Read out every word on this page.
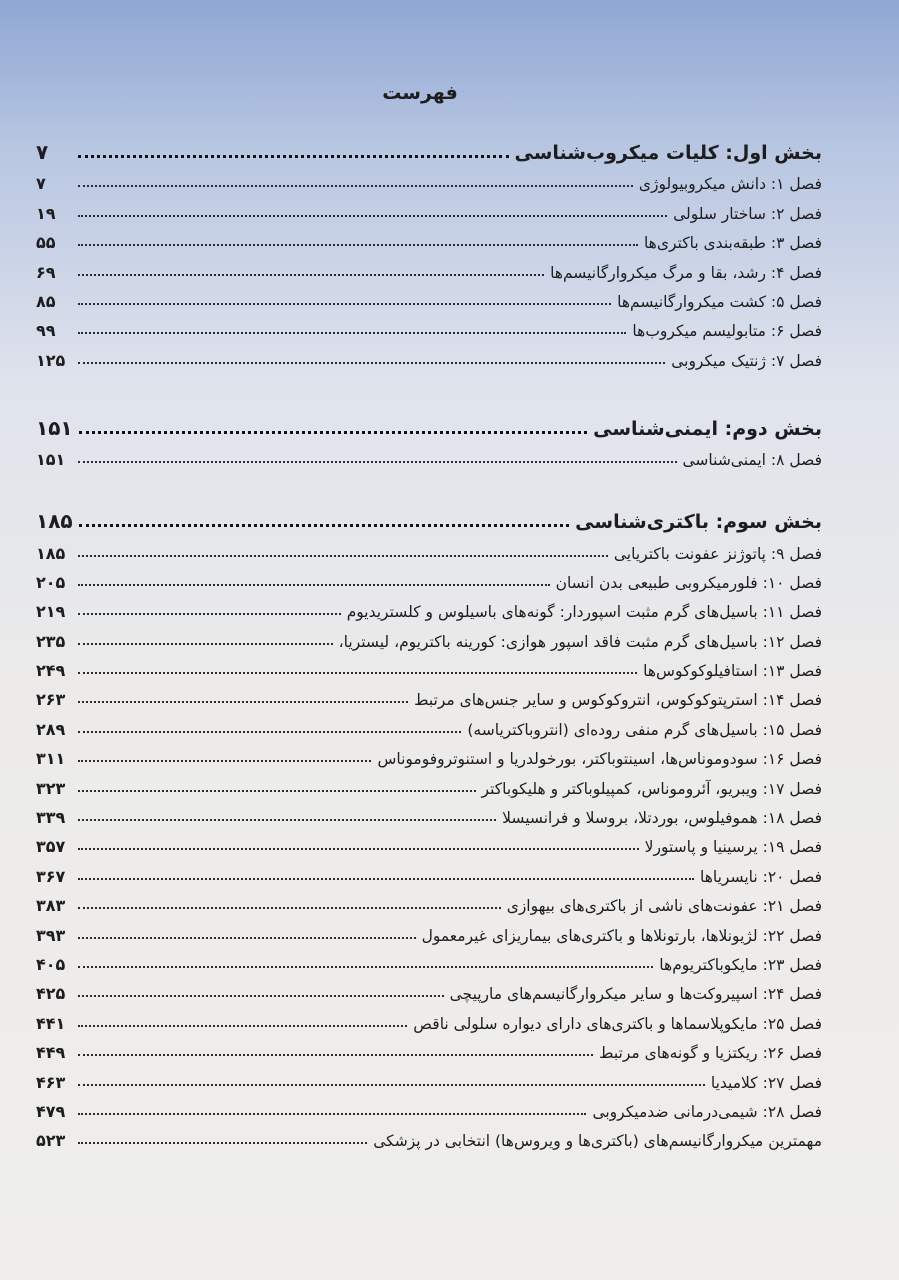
فهرست
بخش اول: کلیات میکروب‌شناسی
۷
فصل ۱: دانش میکروبیولوژی
۷
فصل ۲: ساختار سلولی
۱۹
فصل ۳: طبقه‌بندی باکتری‌ها
۵۵
فصل ۴: رشد، بقا و مرگ میکروارگانیسم‌ها
۶۹
فصل ۵: کشت میکروارگانیسم‌ها
۸۵
فصل ۶: متابولیسم میکروب‌ها
۹۹
فصل ۷: ژنتیک میکروبی
۱۲۵
بخش دوم: ایمنی‌شناسی
۱۵۱
فصل ۸: ایمنی‌شناسی
۱۵۱
بخش سوم: باکتری‌شناسی
۱۸۵
فصل ۹: پاتوژنز عفونت باکتریایی
۱۸۵
فصل ۱۰: فلورمیکروبی طبیعی بدن انسان
۲۰۵
فصل ۱۱: باسیل‌های گرم مثبت اسپوردار: گونه‌های باسیلوس و کلستریدیوم
۲۱۹
فصل ۱۲: باسیل‌های گرم مثبت فاقد اسپور هوازی: کورینه باکتریوم، لیستریا،
۲۳۵
فصل ۱۳: استافیلوکوکوس‌ها
۲۴۹
فصل ۱۴: استرپتوکوکوس، انتروکوکوس و سایر جنس‌های مرتبط
۲۶۳
فصل ۱۵: باسیل‌های گرم منفی روده‌ای (انتروباکتریاسه)
۲۸۹
فصل ۱۶: سودوموناس‌ها، اسینتوباکتر، بورخولدریا و استنوتروفوموناس
۳۱۱
فصل ۱۷: ویبریو، آئروموناس، کمپیلوباکتر و هلیکوباکتر
۳۲۳
فصل ۱۸: هموفیلوس، بوردتلا، بروسلا و فرانسیسلا
۳۳۹
فصل ۱۹: یرسینیا و پاستورلا
۳۵۷
فصل ۲۰: نایسریاها
۳۶۷
فصل ۲۱: عفونت‌های ناشی از باکتری‌های بیهوازی
۳۸۳
فصل ۲۲: لژیونلاها، بارتونلاها و باکتری‌های بیماریزای غیرمعمول
۳۹۳
فصل ۲۳: مایکوباکتریوم‌ها
۴۰۵
فصل ۲۴: اسپیروکت‌ها و سایر میکروارگانیسم‌های مارپیچی
۴۲۵
فصل ۲۵: مایکوپلاسماها و باکتری‌های دارای دیواره سلولی ناقص
۴۴۱
فصل ۲۶: ریکتزیا و گونه‌های مرتبط
۴۴۹
فصل ۲۷: کلامیدیا
۴۶۳
فصل ۲۸: شیمی‌درمانی ضدمیکروبی
۴۷۹
مهمترین میکروارگانیسم‌های (باکتری‌ها و ویروس‌ها) انتخابی در پزشکی
۵۲۳
